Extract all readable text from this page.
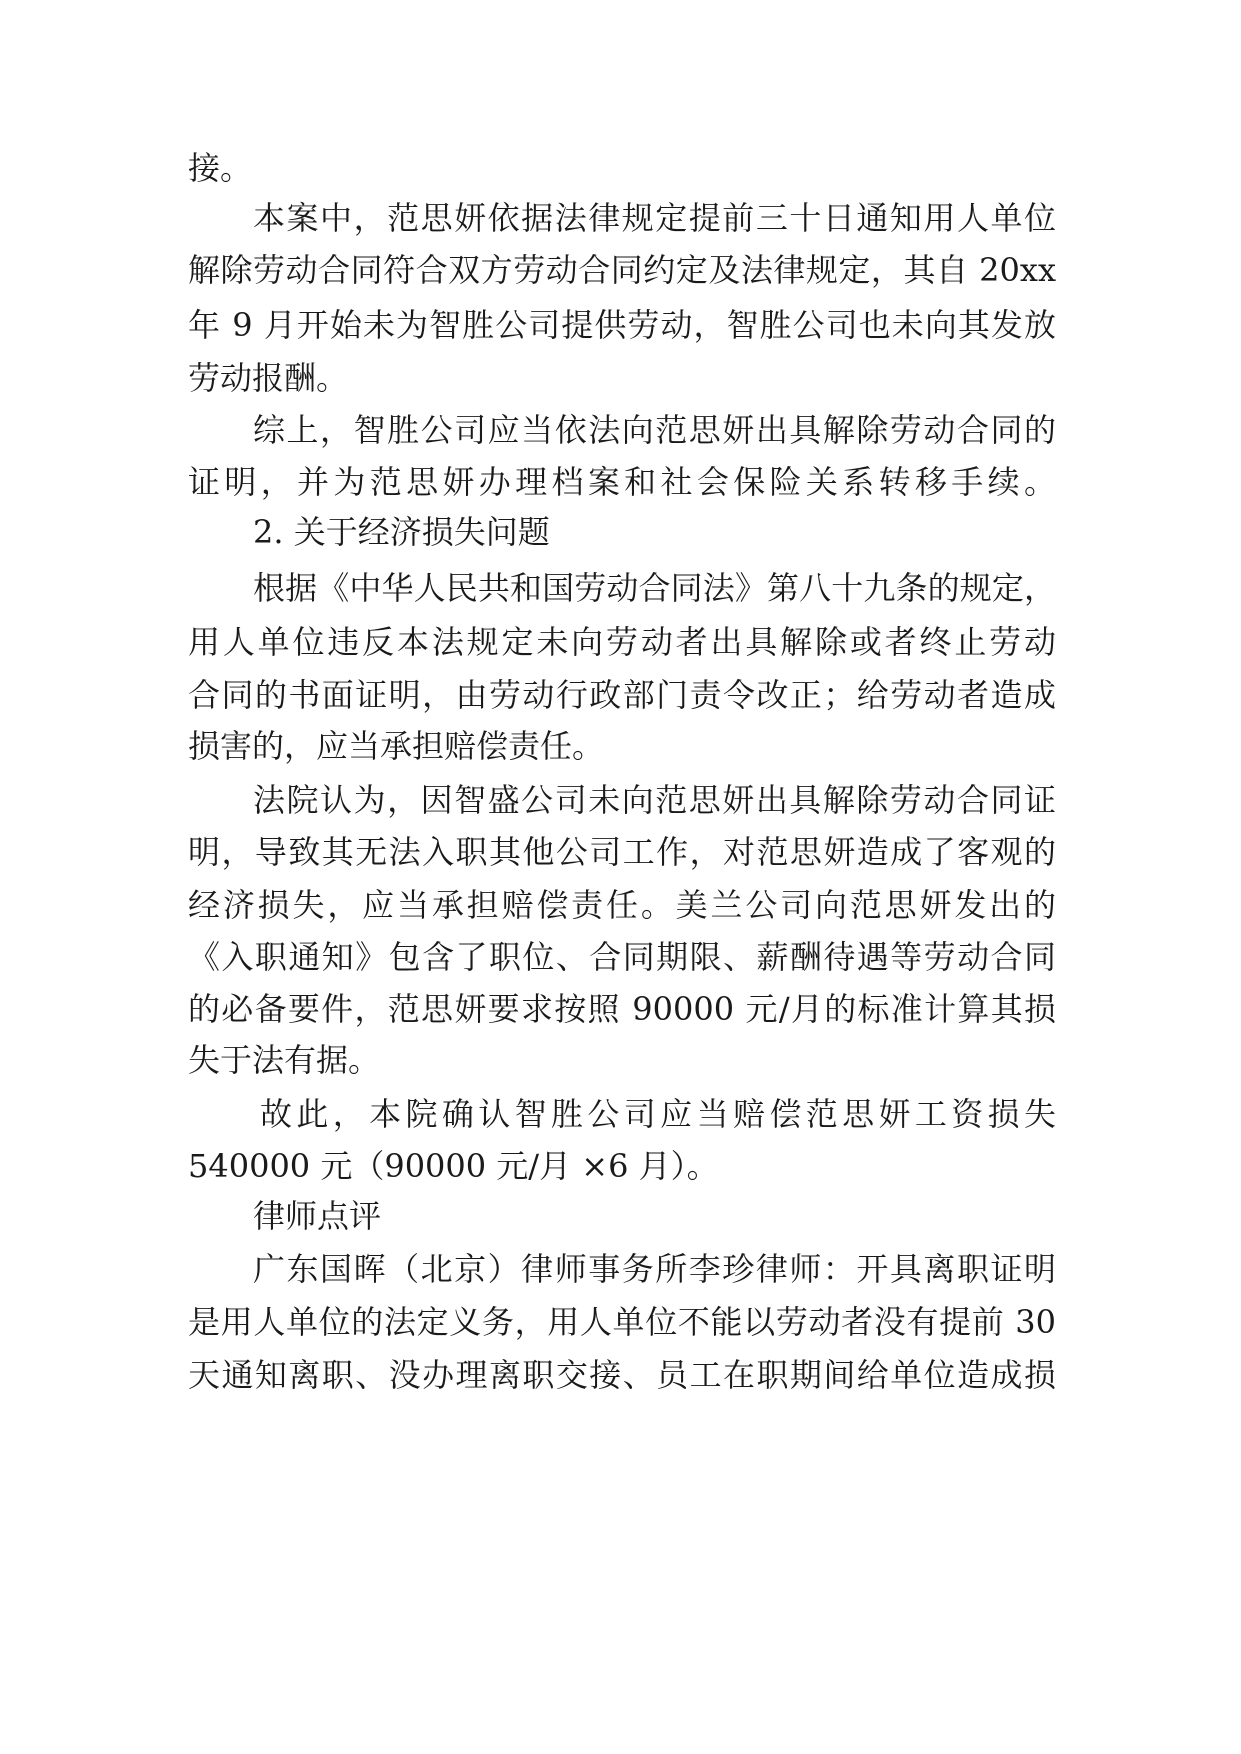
接。
本案中，范思妍依据法律规定提前三十日通知用人单位
解除劳动合同符合双方劳动合同约定及法律规定，其自 20xx
年 9 月开始未为智胜公司提供劳动，智胜公司也未向其发放
劳动报酬。
综上，智胜公司应当依法向范思妍出具解除劳动合同的
证明，并为范思妍办理档案和社会保险关系转移手续。
2. 关于经济损失问题
根据《中华人民共和国劳动合同法》第八十九条的规定，
用人单位违反本法规定未向劳动者出具解除或者终止劳动
合同的书面证明，由劳动行政部门责令改正；给劳动者造成
损害的，应当承担赔偿责任。
法院认为，因智盛公司未向范思妍出具解除劳动合同证
明，导致其无法入职其他公司工作，对范思妍造成了客观的
经济损失，应当承担赔偿责任。美兰公司向范思妍发出的
《入职通知》包含了职位、合同期限、薪酬待遇等劳动合同
的必备要件，范思妍要求按照 90000 元/月的标准计算其损
失于法有据。
故此，本院确认智胜公司应当赔偿范思妍工资损失
540000 元（90000 元/月 ×6 月）。
律师点评
广东国晖（北京）律师事务所李珍律师：开具离职证明
是用人单位的法定义务，用人单位不能以劳动者没有提前 30
天通知离职、没办理离职交接、员工在职期间给单位造成损
